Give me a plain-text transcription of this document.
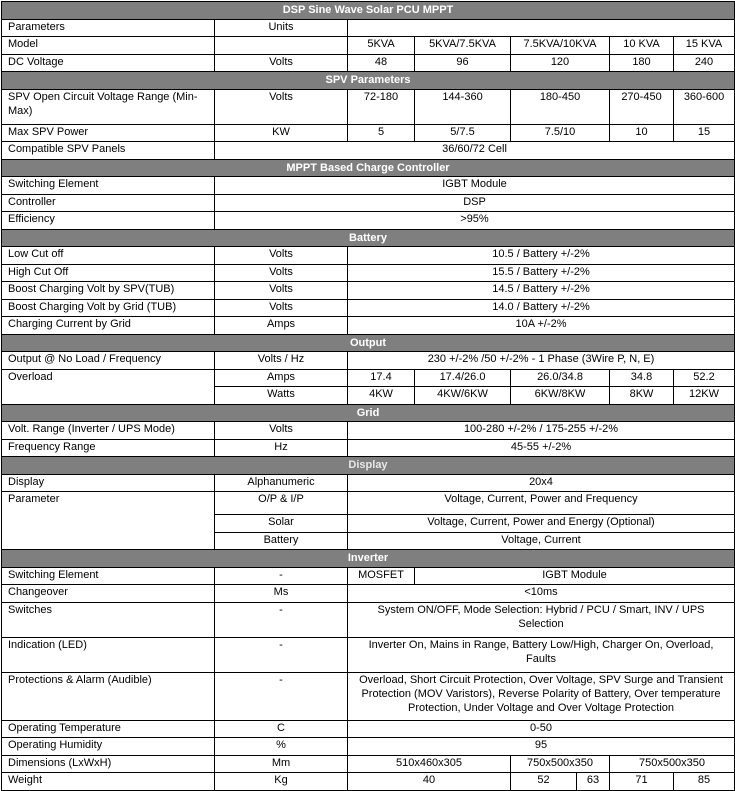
DSP Sine Wave Solar PCU MPPT							
Parameters	Units						
Model		5KVA	5KVA/7.5KVA	7.5KVA/10KVA		10 KVA	15 KVA
DC Voltage	Volts	48	96	120		180	240
SPV Parameters							
SPV Open Circuit Voltage Range (Min-Max)	Volts	72-180	144-360	180-450		270-450	360-600
Max SPV Power	KW	5	5/7.5	7.5/10		10	15
Compatible SPV Panels	36/60/72 Cell						
MPPT Based Charge Controller							
Switching Element	IGBT Module						
Controller	DSP						
Efficiency	>95%						
Battery							
Low Cut off	Volts	10.5 / Battery +/-2%					
High Cut Off	Volts	15.5 / Battery +/-2%					
Boost Charging Volt by SPV(TUB)	Volts	14.5 / Battery +/-2%					
Boost Charging Volt by Grid (TUB)	Volts	14.0 / Battery +/-2%					
Charging Current by Grid	Amps	10A +/-2%					
Output							
Output @ No Load / Frequency	Volts / Hz	230 +/-2% /50 +/-2% - 1 Phase (3Wire P, N, E)					
Overload	Amps	17.4	17.4/26.0	26.0/34.8		34.8	52.2
	Watts	4KW	4KW/6KW	6KW/8KW		8KW	12KW
Grid							
Volt. Range (Inverter / UPS Mode)	Volts	100-280 +/-2% / 175-255 +/-2%					
Frequency Range	Hz	45-55 +/-2%					
Display							
Display	Alphanumeric	20x4					
Parameter	O/P & I/P	Voltage, Current, Power and Frequency					
	Solar	Voltage, Current, Power and Energy (Optional)					
	Battery	Voltage, Current					
Inverter							
Switching Element	-	MOSFET	IGBT Module				
Changeover	Ms	<10ms					
Switches	-	System ON/OFF, Mode Selection: Hybrid / PCU / Smart, INV / UPS Selection					
Indication (LED)	-	Inverter On, Mains in Range, Battery Low/High, Charger On, Overload, Faults					
Protections & Alarm (Audible)	-	Overload, Short Circuit Protection, Over Voltage, SPV Surge and Transient Protection (MOV Varistors), Reverse Polarity of Battery, Over temperature Protection, Under Voltage and Over Voltage Protection					
Operating Temperature	C	0-50					
Operating Humidity	%	95					
Dimensions (LxWxH)	Mm	510x460x305		750x500x350		750x500x350	
Weight	Kg	40		52	63	71	85
